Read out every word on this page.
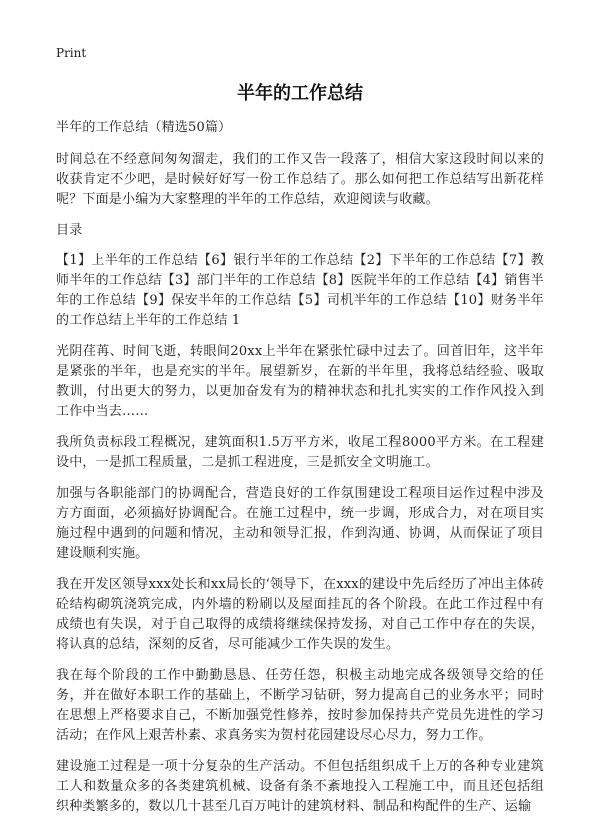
Print
半年的工作总结

半年的工作总结（精选50篇）

时间总在不经意间匆匆溜走，我们的工作又告一段落了，相信大家这段时间以来的收获肯定不少吧，是时候好好写一份工作总结了。那么如何把工作总结写出新花样呢？下面是小编为大家整理的半年的工作总结，欢迎阅读与收藏。

目录

【1】上半年的工作总结【6】银行半年的工作总结【2】下半年的工作总结【7】教师半年的工作总结【3】部门半年的工作总结【8】医院半年的工作总结【4】销售半年的工作总结【9】保安半年的工作总结【5】司机半年的工作总结【10】财务半年的工作总结上半年的工作总结 1

光阴荏苒、时间飞逝，转眼间20xx上半年在紧张忙碌中过去了。回首旧年，这半年是紧张的半年，也是充实的半年。展望新岁，在新的半年里，我将总结经验、吸取教训，付出更大的努力，以更加奋发有为的精神状态和扎扎实实的工作作风投入到工作中当去……

我所负责标段工程概况，建筑面积1.5万平方米，收尾工程8000平方米。在工程建设中，一是抓工程质量，二是抓工程进度，三是抓安全文明施工。

加强与各职能部门的协调配合，营造良好的工作氛围建设工程项目运作过程中涉及方方面面，必须搞好协调配合。在施工过程中，统一步调，形成合力，对在项目实施过程中遇到的问题和情况，主动和领导汇报，作到沟通、协调，从而保证了项目建设顺利实施。

我在开发区领导xxx处长和xx局长的‘领导下，在xxx的建设中先后经历了冲出主体砖砼结构砌筑浇筑完成，内外墙的粉刷以及屋面挂瓦的各个阶段。在此工作过程中有成绩也有失误，对于自己取得的成绩将继续保持发扬，对自己工作中存在的失误，将认真的总结，深刻的反省，尽可能减少工作失误的发生。

我在每个阶段的工作中勤勤恳恳、任劳任怨，积极主动地完成各级领导交给的任务，并在做好本职工作的基础上，不断学习钻研，努力提高自己的业务水平；同时在思想上严格要求自己，不断加强党性修养，按时参加保持共产党员先进性的学习活动；在作风上艰苦朴素、求真务实为贺村花园建设尽心尽力，努力工作。

建设施工过程是一项十分复杂的生产活动。不但包括组织成千上万的各种专业建筑工人和数量众多的各类建筑机械、设备有条不紊地投入工程施工中，而且还包括组织种类繁多的，数以几十甚至几百万吨计的建筑材料、制品和构配件的生产、运输
